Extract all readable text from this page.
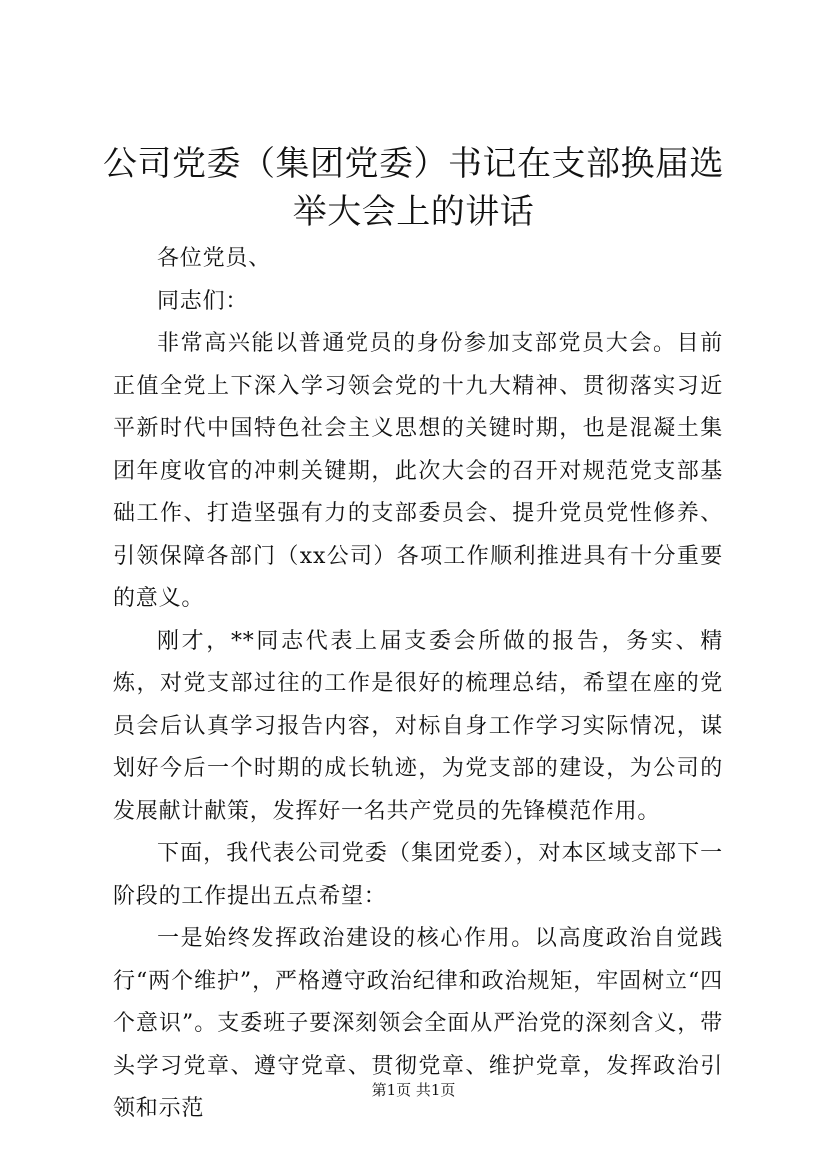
公司党委（集团党委）书记在支部换届选举大会上的讲话

各位党员、

同志们：

非常高兴能以普通党员的身份参加支部党员大会。目前正值全党上下深入学习领会党的十九大精神、贯彻落实习近平新时代中国特色社会主义思想的关键时期，也是混凝土集团年度收官的冲刺关键期，此次大会的召开对规范党支部基础工作、打造坚强有力的支部委员会、提升党员党性修养、引领保障各部门（xx公司）各项工作顺利推进具有十分重要的意义。

刚才，**同志代表上届支委会所做的报告，务实、精炼，对党支部过往的工作是很好的梳理总结，希望在座的党员会后认真学习报告内容，对标自身工作学习实际情况，谋划好今后一个时期的成长轨迹，为党支部的建设，为公司的发展献计献策，发挥好一名共产党员的先锋模范作用。

下面，我代表公司党委（集团党委），对本区域支部下一阶段的工作提出五点希望：

一是始终发挥政治建设的核心作用。以高度政治自觉践行“两个维护”，严格遵守政治纪律和政治规矩，牢固树立“四个意识”。支委班子要深刻领会全面从严治党的深刻含义，带头学习党章、遵守党章、贯彻党章、维护党章，发挥政治引领和示范

第1页 共1页
